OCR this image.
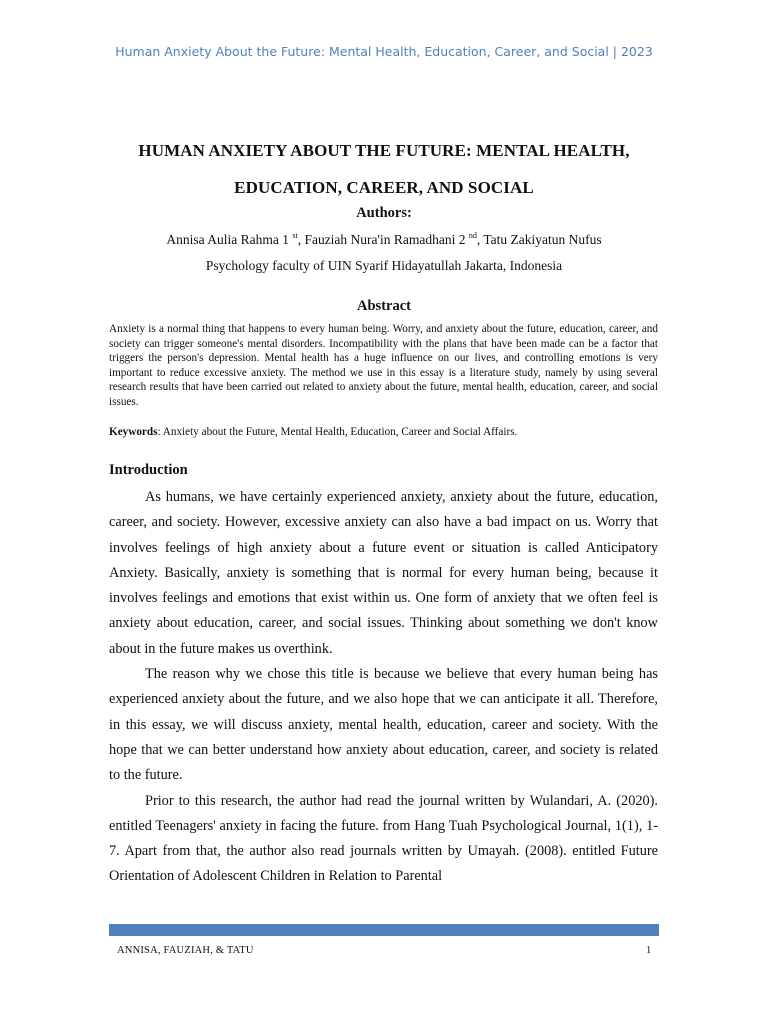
Human Anxiety About the Future: Mental Health, Education, Career, and Social | 2023
HUMAN ANXIETY ABOUT THE FUTURE: MENTAL HEALTH,
EDUCATION, CAREER, AND SOCIAL
Authors:
Annisa Aulia Rahma 1 $^{st}$, Fauziah Nura'in Ramadhani 2 $^{nd}$, Tatu Zakiyatun Nufus
Psychology faculty of UIN Syarif Hidayatullah Jakarta, Indonesia
Abstract
Anxiety is a normal thing that happens to every human being. Worry, and anxiety about the future, education, career, and society can trigger someone's mental disorders. Incompatibility with the plans that have been made can be a factor that triggers the person's depression. Mental health has a huge influence on our lives, and controlling emotions is very important to reduce excessive anxiety. The method we use in this essay is a literature study, namely by using several research results that have been carried out related to anxiety about the future, mental health, education, career, and social issues.
Keywords: Anxiety about the Future, Mental Health, Education, Career and Social Affairs.
Introduction

As humans, we have certainly experienced anxiety, anxiety about the future, education, career, and society. However, excessive anxiety can also have a bad impact on us. Worry that involves feelings of high anxiety about a future event or situation is called Anticipatory Anxiety. Basically, anxiety is something that is normal for every human being, because it involves feelings and emotions that exist within us. One form of anxiety that we often feel is anxiety about education, career, and social issues. Thinking about something we don't know about in the future makes us overthink.

The reason why we chose this title is because we believe that every human being has experienced anxiety about the future, and we also hope that we can anticipate it all. Therefore, in this essay, we will discuss anxiety, mental health, education, career and society. With the hope that we can better understand how anxiety about education, career, and society is related to the future.

Prior to this research, the author had read the journal written by Wulandari, A. (2020). entitled Teenagers' anxiety in facing the future. from Hang Tuah Psychological Journal, 1(1), 1-7. Apart from that, the author also read journals written by Umayah. (2008). entitled Future Orientation of Adolescent Children in Relation to Parental

ANNISA, FAUZIAH, & TATU	1
